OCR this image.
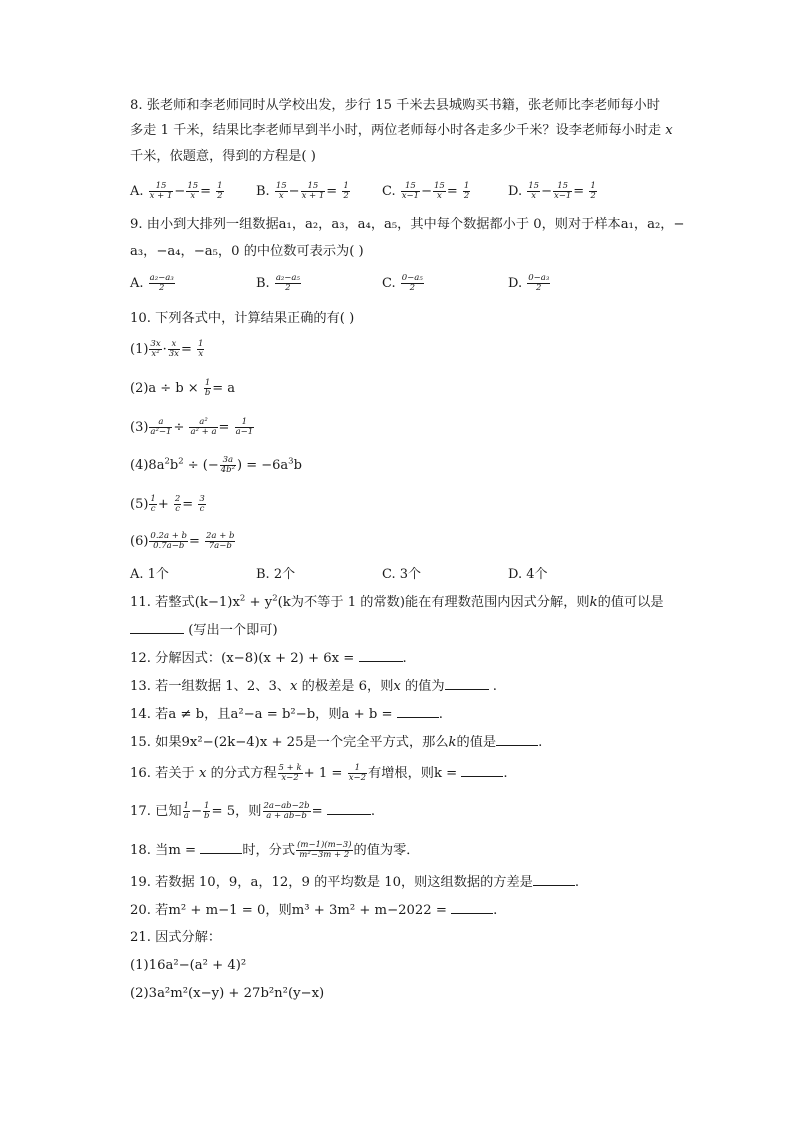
8. 张老师和李老师同时从学校出发，步行 15 千米去县城购买书籍，张老师比李老师每小时
多走 1 千米，结果比李老师早到半小时，两位老师每小时各走多少千米？设李老师每小时走 x
千米，依题意，得到的方程是( )
A. $\frac{15}{x + 1} - \frac{15}{x} = \frac{1}{2} B$. $\frac{15}{x} - \frac{15}{x + 1} = \frac{1}{2} C$. $\frac{15}{x-1} - \frac{15}{x} = \frac{1}{2}$	D. $\frac{15}{x} - \frac{15}{x-1} = \frac{1}{2}$
9. 由小到大排列一组数据a₁，a₂，a₃，a₄，a₅，其中每个数据都小于 0，则对于样本a₁，a₂，−
a₃，−a₄，−a₅，0 的中位数可表示为( )
A. $\frac{\text{a₂−a₃}}{2}$	B. $\frac{\text{a₂−a₅}}{2}$	C. $\frac{\text{0−a₅}}{2}$	D. $\frac{\text{0−a₃}}{2}$
10. 下列各式中，计算结果正确的有( )
$(1) \frac{3x}{\text{x²}} \cdot \frac{x}{3x} = \frac{1}{x}$
$(2)a \div b \times \frac{1}{b} = a$
$(3) \frac{a}{\text{a²−1}} \div \frac{\text{a²}}{\text{a² + a}} = \frac{1}{a-1}$
$(4)8a^2b^2$ ÷ (− $\frac{3a}{\text{4b²}}$ ) = $-6a^3b$
$(5) \frac{1}{c} + \frac{2}{c} = \frac{3}{c}$
$(6) \frac{0.2a + b}{0.7a-b} = \frac{2a + b}{7a-b}$
A. 1个	B. 2个	C. 3个	D. 4个
11. 若整式$(k-1)x^2 + y^2(k$为不等于 1 的常数)能在有理数范围内因式分解，则k的值可以是
(写出一个即可)
12. 分解因式：(x−8)(x + 2) + 6x =	.
13. 若一组数据 1、2、3、x 的极差是 6，则x 的值为	.
14. 若a ≠ b，且a²−a = b²−b，则a + b =	.
15. 如果9x²−(2k−4)x + 25是一个完全平方式，那么k的值是	.
16. 若关于 x 的分式方程 $\frac{5 + k}{x-2} + 1 = \frac{1}{x-2}$ 有增根，则k =	.
17. 已知 $\frac{1}{a} - \frac{1}{b} = 5$，则 $\frac{2a-ab-2b}{a + ab-b}$ =	.
18. 当m =	时，分式 $\frac{(m-1)(m-3)}{\text{m²−3m + 2}}$ 的值为零．
19. 若数据 10，9，a，12，9 的平均数是 10，则这组数据的方差是	.
20. 若m² + m−1 = 0，则m³ + 3m² + m−2022 =	.
21. 因式分解：
(1)16a²−(a² + 4)²
(2)3a²m²(x−y) + 27b²n²(y−x)
